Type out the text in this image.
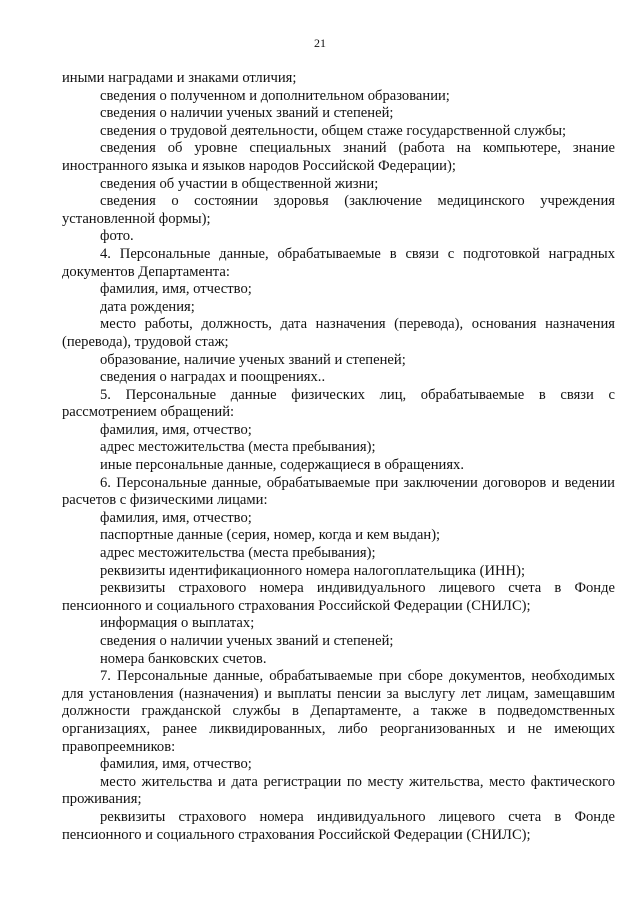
21

иными наградами и знаками отличия;

сведения о полученном и дополнительном образовании;

сведения о наличии ученых званий и степеней;

сведения о трудовой деятельности, общем стаже государственной службы;

сведения об уровне специальных знаний (работа на компьютере, знание иностранного языка и языков народов Российской Федерации);

сведения об участии в общественной жизни;

сведения о состоянии здоровья (заключение медицинского учреждения установленной формы);

фото.

4. Персональные данные, обрабатываемые в связи с подготовкой наградных документов Департамента:

фамилия, имя, отчество;

дата рождения;

место работы, должность, дата назначения (перевода), основания назначения (перевода), трудовой стаж;

образование, наличие ученых званий и степеней;

сведения о наградах и поощрениях..

5. Персональные данные физических лиц, обрабатываемые в связи с рассмотрением обращений:

фамилия, имя, отчество;

адрес местожительства (места пребывания);

иные персональные данные, содержащиеся в обращениях.

6. Персональные данные, обрабатываемые при заключении договоров и ведении расчетов с физическими лицами:

фамилия, имя, отчество;

паспортные данные (серия, номер, когда и кем выдан);

адрес местожительства (места пребывания);

реквизиты идентификационного номера налогоплательщика (ИНН);

реквизиты страхового номера индивидуального лицевого счета в Фонде пенсионного и социального страхования Российской Федерации (СНИЛС);

информация о выплатах;

сведения о наличии ученых званий и степеней;

номера банковских счетов.

7. Персональные данные, обрабатываемые при сборе документов, необходимых для установления (назначения) и выплаты пенсии за выслугу лет лицам, замещавшим должности гражданской службы в Департаменте, а также в подведомственных организациях, ранее ликвидированных, либо реорганизованных и не имеющих правопреемников:

фамилия, имя, отчество;

место жительства и дата регистрации по месту жительства, место фактического проживания;

реквизиты страхового номера индивидуального лицевого счета в Фонде пенсионного и социального страхования Российской Федерации (СНИЛС);
